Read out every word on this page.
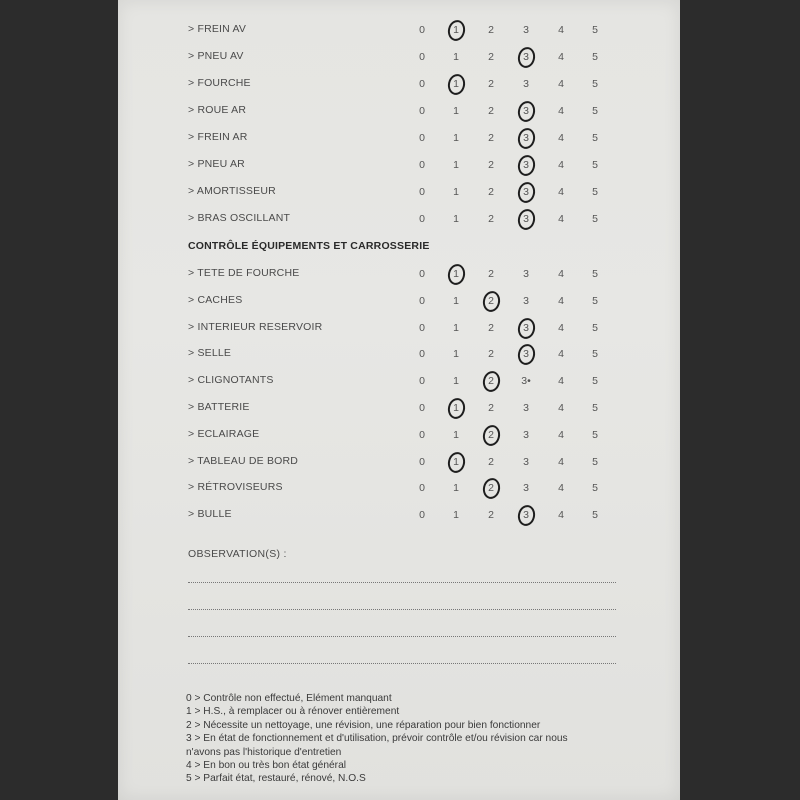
> FREIN AV	0	1	2	3	4	5
> PNEU AV	0	1	2	3	4	5
> FOURCHE	0	1	2	3	4	5
> ROUE AR	0	1	2	3	4	5
> FREIN AR	0	1	2	3	4	5
> PNEU AR	0	1	2	3	4	5
> AMORTISSEUR	0	1	2	3	4	5
> BRAS OSCILLANT	0	1	2	3	4	5
CONTRÔLE ÉQUIPEMENTS ET CARROSSERIE
> TETE DE FOURCHE	0	1	2	3	4	5
> CACHES	0	1	2	3	4	5
> INTERIEUR RESERVOIR	0	1	2	3	4	5
> SELLE	0	1	2	3	4	5
> CLIGNOTANTS	0	1	2	3•	4	5
> BATTERIE	0	1	2	3	4	5
> ECLAIRAGE	0	1	2	3	4	5
> TABLEAU DE BORD	0	1	2	3	4	5
> RÉTROVISEURS	0	1	2	3	4	5
> BULLE	0	1	2	3	4	5
OBSERVATION(S) :
0 > Contrôle non effectué, Elément manquant
1 > H.S., à remplacer ou à rénover entièrement
2 > Nécessite un nettoyage, une révision, une réparation pour bien fonctionner
3 > En état de fonctionnement et d'utilisation, prévoir contrôle et/ou révision car nous
n'avons pas l'historique d'entretien
4 > En bon ou très bon état général
5 > Parfait état, restauré, rénové, N.O.S
